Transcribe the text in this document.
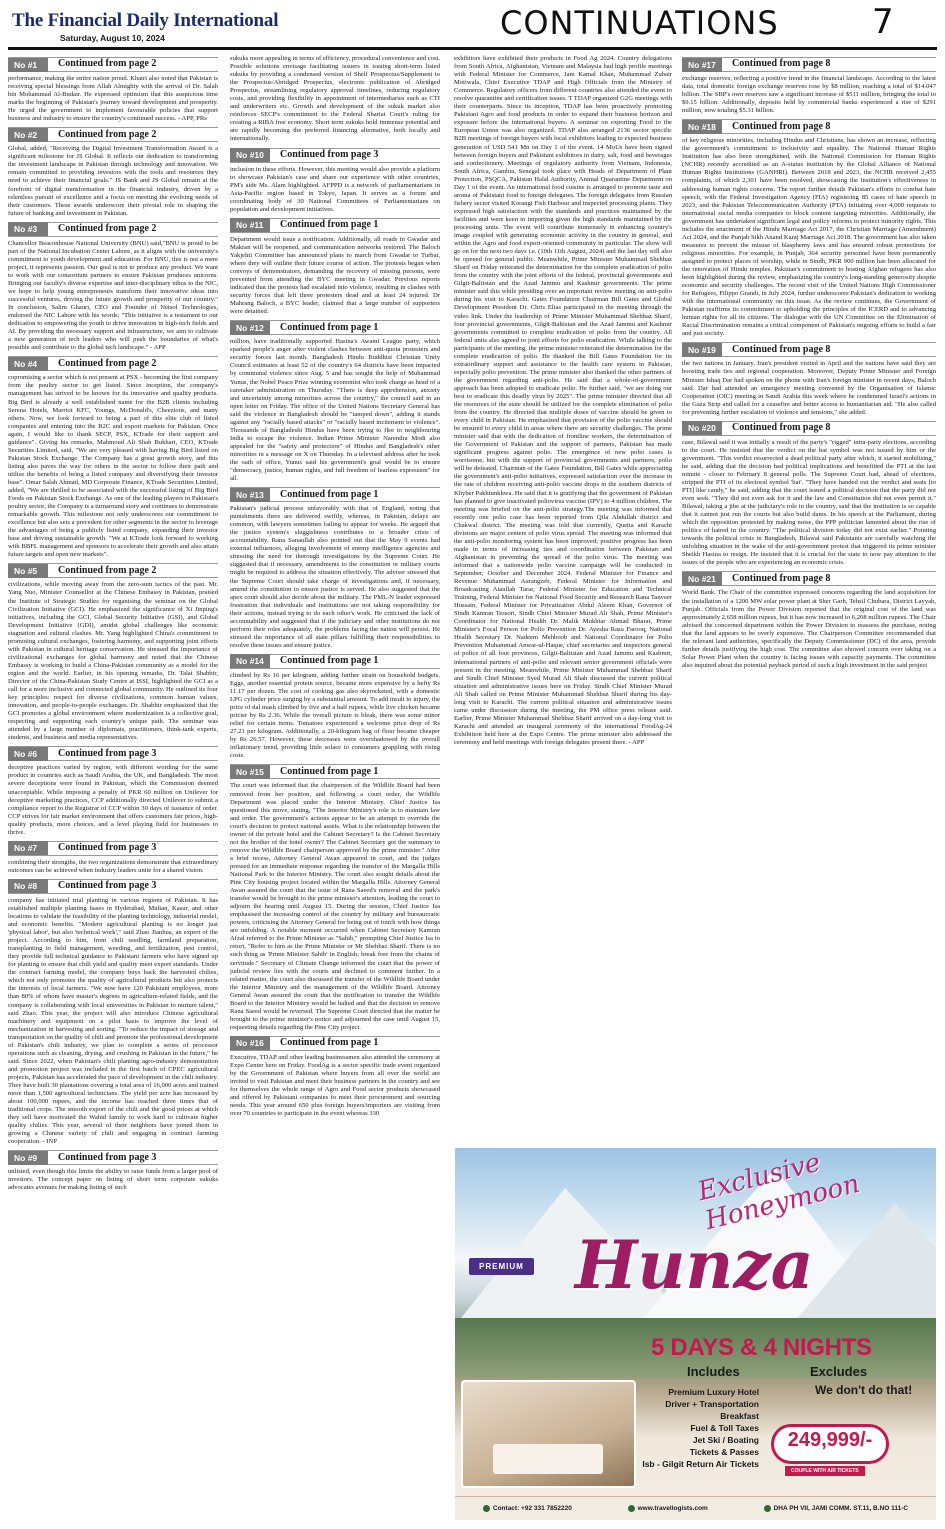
The Financial Daily International
Saturday, August 10, 2024	CONTINUATIONS	7
No #1	Continued from page 2

performance, making the entire nation proud. Khatri also noted that Pakistan is receiving special blessings from Allah Almighty with the arrival of Dr. Salah bin Mohammad Al-Budair. He expressed optimism that this auspicious time marks the beginning of Pakistan's journey toward development and prosperity. He urged the government to implement favourable policies that support business and industry to ensure the country's continued success. - APP, PRs

No #2	Continued from page 2

Global, added, "Receiving the Digital Investment Transformation Award is a significant milestone for JS Global. It reflects our dedication to transforming the investment landscape in Pakistan through technology and innovation. We remain committed to providing investors with the tools and resources they need to achieve their financial goals." JS Bank and JS Global remain at the forefront of digital transformation in the financial industry, driven by a relentless pursuit of excellence and a focus on meeting the evolving needs of their customers. These awards underscore their pivotal role in shaping the future of banking and investment in Pakistan.

No #3	Continued from page 2

Chancellor Beaconhouse National University (BNU) said,"BNU is proud to be part of the National Incubation Center Lahore, as it aligns with the university's commitment to youth development and education. For BNU, this is not a mere project, it represents passion. Our goal is not to produce any product. We want to work with our consortium partners to ensure Pakistan produces unicorns. Bringing our faculty's diverse expertise and inter-disciplinary ethos to the NIC, we hope to help young entrepreneurs transform their innovative ideas into successful ventures, driving the future growth and prosperity of our country." In conclusion, Salim Ghauri, CEO and Founder of Netsol Technologies, endorsed the NIC Lahore with his words; "This initiative is a testament to our dedication to empowering the youth to drive innovation in high-tech fields and AI. By providing the necessary support and infrastructure, we aim to cultivate a new generation of tech leaders who will push the boundaries of what's possible and contribute to the global tech landscape." - APP

No #4	Continued from page 2

copromising a sector which is not present at PSX - becoming the first company from the poultry sector to get listed. Since inception, the company's management has strived to be known for its innovative and quality products. Big Bird is already a well established name for the B2B clients including Serena Hotels, Marriot KFC, Youngs, McDonald's, Cheezious, and many others. Now, we look forward to being a part of this elite club of listed companies and entering into the B2C and export markets for Pakistan. Once again, I would like to thank SECP, PSX, KTrade for their support and guidance". Giving his remarks, Mahmoud Ali Shah Bukhari, CEO, KTrade Securities Limited, said, "We are very pleased with having Big Bird listed on Pakistan Stock Exchange. The Company has a great growth story, and this listing also paves the way for others in the sector to follow their path and utilise the benefits of being a listed company and diversifying their investor base". Omar Salah Ahmad, MD Corporate Finance, KTrade Securities Limited, added, "We are thrilled to be associated with the successful listing of Big Bird Foods on Pakistan Stock Exchange. As one of the leading players in Pakistan's poultry sector, the Company is a turnaround story and continues to demonstrate remarkable growth. This milestone not only underscores our commitment to excellence but also sets a precedent for other segments in the sector to leverage the advantages of being a publicly listed company, expanding their investor base and driving sustainable growth. "We at KTrade look forward to working with BBFL management and sponsors to accelerate their growth and also attain future targets and open new markets".

No #5	Continued from page 2

civilizations, while moving away from the zero-sum tactics of the past. Mr. Yang Nuo, Minister Counsellor at the Chinese Embassy in Pakistan, praised the Institute of Strategic Studies for organising the seminar on the Global Civilization Initiative (GCI). He emphasized the significance of Xi Jinping's initiatives, including the GCI, Global Security Initiative (GSI), and Global Development Initiative (GDI), amidst global challenges like economic stagnation and cultural clashes. Mr. Yang highlighted China's commitment to promoting cultural exchanges, fostering harmony, and supporting joint efforts with Pakistan in cultural heritage conservation. He stressed the importance of civilizational exchanges for global harmony and noted that the Chinese Embassy is working to build a China-Pakistan community as a model for the region and the world. Earlier, in his opening remarks, Dr. Talat Shabbir, Director of the China-Pakistan Study Centre at ISSI, highlighted the GCI as a call for a more inclusive and connected global community. He outlined its four key principles: respect for diverse civilizations, common human values, innovation, and people-to-people exchanges. Dr. Shabbir emphasized that the GCI promotes a global environment where modernization is a collective goal, respecting and supporting each country's unique path. The seminar was attended by a large number of diplomats, practitioners, think-tank experts, students, and business and media representatives.

No #6	Continued from page 3

deceptive practices varied by region, with different wording for the same product in countries such as Saudi Arabia, the UK, and Bangladesh. The most severe deceptions were found in Pakistan, which the Commission deemed unacceptable. While imposing a penalty of PKR 60 million on Unilever for deceptive marketing practices, CCP additionally directed Unilever to submit a compliance report to the Registrar of CCP within 30 days of issuance of order. CCP strives for fair market environment that offers customers fair prices, high-quality products, more choices, and a level playing field for businesses to thrive.

No #7	Continued from page 3

combining their strengths, the two organizations demonstrate that extraordinary outcomes can be achieved when industry leaders unite for a shared vision.

No #8	Continued from page 3

company has initiated trial planting in various regions of Pakistan. It has established multiple planting bases in Hyderabad, Multan, Kasur, and other locations to validate the feasibility of the planting technology, industrial model, and economic benefits. "Modern agricultural planting is no longer just 'physical labor', but also 'technical work'," said Zhao Jianhua, an expert of the project. According to him, from chili seedling, farmland preparation, transplanting to field management, weeding, and fertilization, pest control, they provide full technical guidance to Pakistani farmers who have signed up for planting to ensure that chili yield and quality meet export standards. Under the contract farming model, the company buys back the harvested chilies, which not only promotes the quality of agricultural products but also protects the interests of local farmers. "We now have 120 Pakistani employees, more than 80% of whom have master's degrees in agriculture-related fields, and the company is collaborating with local universities in Pakistan to nurture talent," said Zhao. This year, the project will also introduce Chinese agricultural machinery and equipment on a pilot basis to improve the level of mechanization in harvesting and sorting. "To reduce the impact of storage and transportation on the quality of chili and promote the professional development of Pakistan's chili industry, we plan to complete a series of processor operations such as cleaning, drying, and crushing in Pakistan in the future," he said. Since 2022, when Pakistan's chili planting agro-industry demonstration and promotion project was included in the first batch of CPEC agricultural projects, Pakistan has accelerated the pace of development in the chili industry. They have built 30 plantations covering a total area of 16,000 acres and trained more than 1,500 agricultural technicians. The yield per acre has increased by about 100,000 rupees, and the income has reached three times that of traditional crops. The smooth export of the chili and the good prices at which they sell have motivated the Wahid family to work hard to cultivate higher quality chilies. This year, several of their neighbors have joined them in growing a Chinese variety of chili and engaging in contract farming cooperation. - INP

No #9	Continued from page 3

unlisted, even though this limits the ability to raise funds from a larger pool of investors. The concept paper on listing of short term corporate sukuks advocates avenues for making listing of such

sukuks more appealing in terms of efficiency, procedural convenience and cost. Possible solutions envisage facilitating issuers in issuing short-term listed sukuks by providing a condensed version of Shelf Prospectus/Supplement to the Prospectus/Abridged Prospectus, electronic publication of Abridged Prospectus, streamlining regulatory approval timelines, reducing regulatory costs, and providing flexibility in appointment of intermediaries such as CTI and underwriters etc. Growth and development of the sukuk market also reinforces SECP's commitment to the Federal Shariat Court's ruling for creating a RIBA free economy. Short term sukuks hold immense potential and are rapidly becoming the preferred financing alternative, both locally and internationally.

No #10	Continued from page 3

inclusion in these efforts. However, this meeting would also provide a platform to showcase Pakistan's case and share our experience with other countries, PM's aide Ms. Alam highlighted. AFPPD is a network of parliamentarians in Asia-Pacific region based in Tokyo, Japan. It serves as a forum and coordinating body of 30 National Committees of Parliamentarians on population and development initiatives.

No #11	Continued from page 1

Department would issue a notification. Additionally, all roads in Gwadar and Makran will be reopened, and communication networks restored. The Baloch Yakjehti Committee has announced plans to march from Gwadar to Turbat, where they will outline their future course of action. The protests began when convoys of demonstrators, demanding the recovery of missing persons, were prevented from attending the BYC meeting in Gwadar. Previous reports indicated that the protests had escalated into violence, resulting in clashes with security forces that left three protesters dead and at least 24 injured. Dr Mahrang Baloch, a BYC leader, claimed that a large number of supporters were detained.

No #12	Continued from page 1

million, have traditionally supported Hasina's Awami League party, which sparked people's anger after violent clashes between anti-quota protesters and security forces last month. Bangladesh Hindu Buddhist Christian Unity Council estimates at least 52 of the country's 64 districts have been impacted by communal violence since Aug. 5 and has sought the help of Muhammad Yunus, the Nobel Peace Prize winning economist who took charge as head of a caretaker administration on Thursday. "There is deep apprehension, anxiety and uncertainty among minorities across the country," the council said in an open letter on Friday. The office of the United Nations Secretary General has said the violence in Bangladesh should be "tamped down", adding it stands against any "racially based attacks" or "racially based incitement to violence". Thousands of Bangladeshi Hindus have been trying to flee to neighbouring India to escape the violence. Indian Prime Minister Narendra Modi also appealed for the "safety and protection" of Hindus and Bangladesh's other minorities in a message on X on Thursday. In a televised address after he took the oath of office, Yunus said his government's goal would be to ensure "democracy, justice, human rights, and full freedom of fearless expression" for all.

No #13	Continued from page 1

Pakistan's judicial process unfavorably with that of England, noting that punishments there are delivered swiftly, whereas, in Pakistan, delays are common, with lawyers sometimes failing to appear for weeks. He argued that the justice system's sluggishness contributes to a broader crisis of accountability. Rana Sanaullah also pointed out that the May 9 events had external influences, alleging involvement of enemy intelligence agencies and stressing the need for thorough investigations by the Supreme Court. He suggested that if necessary, amendments to the constitution or military courts might be required to address the situation effectively. The adviser stressed that the Supreme Court should take charge of investigations and, if necessary, amend the constitution to ensure justice is served. He also suggested that the apex court should also decide about the military. The PML-N leader expressed frustration that individuals and institutions are not taking responsibility for their actions, instead trying to do each other's work. He criticised the lack of accountability and suggested that if the judiciary and other institutions do not perform their roles adequately, the problems facing the nation will persist. He stressed the importance of all state pillars fulfilling their responsibilities to resolve these issues and ensure justice.

No #14	Continued from page 1

climbed by Rs 16 per kilogram, adding further strain on household budgets. Eggs, another essential protein source, became more expensive by a hefty Rs 11.17 per dozen. The cost of cooking gas also skyrocketed, with a domestic LPG cylinder price surging by a substantial amount. To add insult to injury, the price of dal mash climbed by five and a half rupees, while live chicken became pricier by Rs 2.36. While the overall picture is bleak, there was some minor relief for certain items. Tomatoes experienced a welcome price drop of Rs 27.21 per kilogram. Additionally, a 20-kilogram bag of flour became cheaper by Rs 26.57. However, these decreases were overshadowed by the overall inflationary trend, providing little solace to consumers grappling with rising costs.

No #15	Continued from page 1

The court was informed that the chairperson of the Wildlife Board had been removed from her position, and following a court order, the Wildlife Department was placed under the Interior Ministry. Chief Justice Isa questioned this move, stating, "The Interior Ministry's role is to maintain law and order. The government's actions appear to be an attempt to override the court's decision to protect national assets. What is the relationship between the owner of the private hotel and the Cabinet Secretary? Is the Cabinet Secretary not the brother of the hotel owner? The Cabinet Secretary got the summary to remove the Wildlife Board chairperson approved by the prime minister." After a brief recess, Attorney General Awan appeared in court, and the judges pressed for an immediate response regarding the transfer of the Margalla Hills National Park to the Interior Ministry. The court also sought details about the Pine City housing project located within the Margalla Hills. Attorney General Awan assured the court that the issue of Rana Saeed's removal and the park's transfer would be brought to the prime minister's attention, leading the court to adjourn the hearing until August 15. During the session, Chief Justice Isa emphasised the increasing control of the country by military and bureaucratic powers, criticising the Attorney General for being out of touch with how things are unfolding. A notable moment occurred when Cabinet Secretary Kamran Afzal referred to the Prime Minister as "Sahib," prompting Chief Justice Isa to retort, "Refer to him as the Prime Minister or Mr Shehbaz Sharif. There is no such thing as 'Prime Minister Sahib' in English; break free from the chains of servitude." Secretary of Climate Change informed the court that the power of judicial review lies with the courts and declined to comment further. In a related matter, the court also discussed the transfer of the Wildlife Board under the Interior Ministry and the management of the Wildlife Board. Attorney General Awan assured the court that the notification to transfer the Wildlife Board to the Interior Ministry would be halted and that the decision to remove Rana Saeed would be reversed. The Supreme Court directed that the matter be brought to the prime minister's notice and adjourned the case until August 15, requesting details regarding the Pine City project.

No #16	Continued from page 1

Executive, TDAP and other leading businessmen also attended the ceremony at Expo Center here on Friday. FoodAg is a sector specific trade event organized by the Government of Pakistan where buyers from all over the world are invited to visit Pakistan and meet their business partners in the country and see for themselves the whole range of Agro and Food sector products showcased and offered by Pakistani companies to meet their procurement and sourcing needs. This year around 650 plus foreign buyers/importers are visiting from over 70 countries to participate in the event whereas 330

exhibitors have exhibited their products in Food Ag 2024. Country delegations from South Africa, Afghanistan, Vietnam and Malaysia had high profile meetings with Federal Minister for Commerce, Jam Kamal Khan, Muhammad Zubair Motiwala, Chief Executive TDAP and High Officials from the Ministry of Commerce. Regulatory officers from different countries also attended the event to resolve quarantine and certification issues. T TDAP organized G2G meetings with their counterparts. Since its inception, TDAP has been proactively promoting Pakistani Agro and food products in order to expand their business horizon and exposure before the international buyers. A seminar on exporting Food to the European Union was also organized. TDAP also arranged 2136 sector specific B2B meetings of foreign buyers with local exhibitors leading to expected business generation of USD 541 Mn on Day 1 of the event. 14 MoUs have been signed between foreign buyers and Pakistani exhibitors in dairy, salt, food and beverages and confectionery. Meetings of regulatory authority from Vietnam, Indonesia, South Africa, Gambia, Senegal took place with Heads of Department of Plant Protection, PSQCA, Pakistan Halal Authority, Animal Quarantine Department on Day 1 of the event. An international food cuisine is arranged to promote taste and aroma of Pakistani food to foreign delegates. The foreign delegates from Russian fishery sector visited Korangi Fish Harbour and inspected processing plants. They expressed high satisfaction with the standards and practices maintained by the facilities and were keen in importing given the high standards maintained by the processing units. The event will contribute immensely in enhancing country's image coupled with generating economic activity in the country in general, and within the Agro and food export-oriented community in particular. The show will go on for the next two days i.e. (10th 11th August, 2024) and the last day will also be opened for general public. Meanwhile, Prime Minister Muhammad Shehbaz Sharif on Friday reiterated the determination for the complete eradication of polio from the country with the joint efforts of the federal, provincial governments and Gilgit-Baltistan and the Azad Jammu and Kashmir governments. The prime minister said this while presiding over an important review meeting on anti-polio during his visit to Karachi. Gates Foundation Chairman Bill Gates and Global Development President Dr. Chris Elias participated in the meeting through the video link. Under the leadership of Prime Minister Muhammad Shehbaz Sharif, four provincial governments, Gilgit-Baltistan and the Azad Jammu and Kashmir governments committed to complete eradication of polio from the country. All federal units also agreed to joint efforts for polio eradication. While talking to the participants of the meeting, the prime minister reiterated the determination for the complete eradication of polio. He thanked the Bill Gates Foundation for its extraordinary support and assistance to the health care system in Pakistan, especially polio prevention. The prime minister also thanked the other partners of the government regarding anti-polio. He said that a whole-of-government approach has been adopted to eradicate polio. He further said, "we are doing our best to eradicate this deadly virus by 2025". The prime minister directed that all the resources of the state should be utilized for the complete elimination of polio from the country. He directed that multiple doses of vaccine should be given to every child in Pakistan. He emphasized that provision of the polio vaccine should be ensured to every child in areas where there are security challenges. The prime minister said that with the dedication of frontline workers, the determination of the Government of Pakistan and the support of partners, Pakistan has made significant progress against polio. The emergence of new polio cases is worrisome, but with the support of provincial governments and partners, polio will be defeated. Chairman of the Gates Foundation, Bill Gates while appreciating the government's anti-polio initiatives, expressed satisfaction over the increase in the rate of children receiving anti-polio vaccine drops in the southern districts of Khyber Pakhtunkhwa. He said that it is gratifying that the government of Pakistan has planned to give inactivated poliovirus vaccine (IPV) to 4 million children. The meeting was briefed on the anti-polio strategy.The meeting was informed that recently one polio case has been reported from Qila Abdullah district and Chakwal district. The meeting was told that currently, Quetta and Karachi divisions are major centers of polio virus spread. The meeting was informed that the anti-polio monitoring system has been improved; positive progress has been made in terms of increasing ties and coordination between Pakistan and Afghanistan in preventing the spread of the polio virus. The meeting was informed that a nationwide polio vaccine campaign will be conducted in September, October and December 2024. Federal Minister for Finance and Revenue Muhammad Aurangzeb, Federal Minister for Information and Broadcasting Ataullah Tarar, Federal Minister for Education and Technical Training, Federal Minister for National Food Security and Research Rana Tanveer Hussain, Federal Minister for Privatization Abdul Aleem Khan, Governor of Sindh Kamran Tessori, Sindh Chief Minister Murad Ali Shah, Prime Minister's Coordinator for National Health Dr. Malik Mukhtar Ahmad Bharat, Prime Minister's Focal Person for Polio Prevention Dr. Ayesha Raza Farooq, National Health Secretary Dr. Nadeem Mehboob and National Coordinator for Polio Prevention Muhammad Anwar-ul-Haque, chief secretaries and inspectors general of police of all four provinces, Gilgit-Baltistan and Azad Jammu and Kashmir, international partners of anti-polio and relevant senior government officials were present in the meeting. Meanwhile, Prime Minister Muhammad Shehbaz Sharif and Sindh Chief Minister Syed Murad Ali Shah discussed the current political situation and administrative issues here on Friday. Sindh Chief Minister Murad Ali Shah called on Prime Minister Muhammad Shehbaz Sharif during his day-long visit to Karachi. The current political situation and administrative issues came under discussion during the meeting, the PM office press release said. Earlier, Prime Minister Muhammad Shehbaz Sharif arrived on a day-long visit to Karachi and attended an inaugural ceremony of the international FoodAg-24 Exhibition held here at the Expo Centre. The prime minister also addressed the ceremony and held meetings with foreign delegates present there. - APP

No #17	Continued from page 8

exchange reserves, reflecting a positive trend in the financial landscape. According to the latest data, total domestic foreign exchange reserves rose by $8 million, reaching a total of $14.047 billion. The SBP's own reserves saw a significant increase of $511 million, bringing the total to $9.15 billion. Additionally, deposits held by commercial banks experienced a rise of $291 million, now totaling $5.31 billion.

No #18	Continued from page 8

of key religious minorities, including Hindus and Christians, has shown an increase, reflecting the government's commitment to inclusivity and equality. The National Human Rights Institution has also been strengthened, with the National Commission for Human Rights (NCHR) recently accredited as an A-status institution by the Global Alliance of National Human Rights Institutions (GANHRI). Between 2018 and 2023, the NCHR received 2,455 complaints, of which 2,301 have been resolved, showcasing the institution's effectiveness in addressing human rights concerns. The report further details Pakistan's efforts to combat hate speech, with the Federal Investigation Agency (FIA) registering 85 cases of hate speech in 2023, and the Pakistan Telecommunication Authority (PTA) initiating over 4,000 requests to international social media companies to block content targeting minorities. Additionally, the government has undertaken significant legal and policy reforms to protect minority rights. This includes the enactment of the Hindu Marriage Act 2017, the Christian Marriage (Amendment) Act 2024, and the Punjab Sikh Anand Karaj Marriage Act 2018. The government has also taken measures to prevent the misuse of blasphemy laws and has ensured robust protections for religious minorities. For example, in Punjab, 364 security personnel have been permanently assigned to protect places of worship, while in Sindh, PKR 900 million has been allocated for the renovation of Hindu temples. Pakistan's commitment to hosting Afghan refugees has also been highlighted during the review, emphasizing the country's long-standing generosity despite economic and security challenges. The recent visit of the United Nations High Commissioner for Refugees, Filippo Grandi, in July 2024, further underscores Pakistan's dedication to working with the international community on this issue. As the review continues, the Government of Pakistan reaffirms its commitment to upholding the principles of the ICERD and to advancing human rights for all its citizens. The dialogue with the UN Committee on the Elimination of Racial Discrimination remains a critical component of Pakistan's ongoing efforts to build a fair and just society.

No #19	Continued from page 8

the two nations in January. Iran's president visited in April and the nations have said they are boosting trade ties and regional cooperation. Moreover, Deputy Prime Minister and Foreign Minister Ishaq Dar had spoken on the phone with Iran's foreign minister in recent days, Baloch said. Dar had attended an emergency meeting convened by the Organisation of Islamic Cooperation (OIC) meeting in Saudi Arabia this week where he condemned Israel's actions in the Gaza Strip and called for a ceasefire and better access to humanitarian aid. "He also called for preventing further escalation of violence and tensions," she added.

No #20	Continued from page 8

case, Bilawal said it was initially a result of the party's "rigged" intra-party elections, according to the court. He insisted that the verdict on the bat symbol was not issued by him or the government. "This verdict resurrected a dead political party after which, it started mobilising," he said, adding that the decision had political implications and benefitted the PTI at the last minute - closer to February 8 general polls. The Supreme Court had, ahead of elections, stripped the PTI of its electoral symbol 'bat'. "They have handed out the verdict and seats [to PTI] like candy," he said, adding that the court issued a political decision that the party did not even seek. "They did not even ask for it and the law and Constitution did not even permit it." Bilawal, taking a jibe at the judiciary's role in the country, said that the institution is so capable that it cannot just run the courts but also build dams. In his speech at the Parliament, during which the opposition protested by making noise, the PPP politician lamented about the rise of politics of hatred in the country. "The political division today did not exist earlier." Pointing towards the political crisis in Bangladesh, Bilawal said Pakistanis are carefully watching the unfolding situation in the wake of the anti-government protest that triggered its prime minister Sheikh Hasina to resign. He insisted that it is crucial for the state to now pay attention to the issues of the people who are experiencing an economic crisis.

No #21	Continued from page 8

World Bank. The Chair of the committee expressed concerns regarding the land acquisition for the installation of a 1200 MW solar power plant at Sher Garh, Tehsil Chubara, District Layyah, Punjab. Officials from the Power Division reported that the original cost of the land was approximately 2,658 million rupees, but it has now increased to 6,208 million rupees. The Chair advised the concerned department within the Power Division to reassess the purchase, noting that the land appears to be overly expensive. The Chairperson Committee recommended that the relevant land authorities, specifically the Deputy Commissioner (DC) of the area, provide further details justifying the high cost. The committee also showed concern over taking on a Solar Power Plant when the country is facing issues with capacity payments. The committee also inquired about the potential payback period of such a high investment in the said project

Exclusive Honeymoon
Hunza
PREMIUM
5 DAYS & 4 NIGHTS
Includes	Excludes
We don't do that!
Premium Luxury Hotel
Driver + Transportation
Breakfast
Fuel & Toll Taxes
Jet Ski / Boating
Tickets & Passes
Isb - Gilgit Return Air Tickets
249,999/-
COUPLE WITH AIR TICKETS
Contact: +92 331 7852220	www.travellogists.com	DHA PH VII, JAMI COMM. ST.11, B.NO 111-C
